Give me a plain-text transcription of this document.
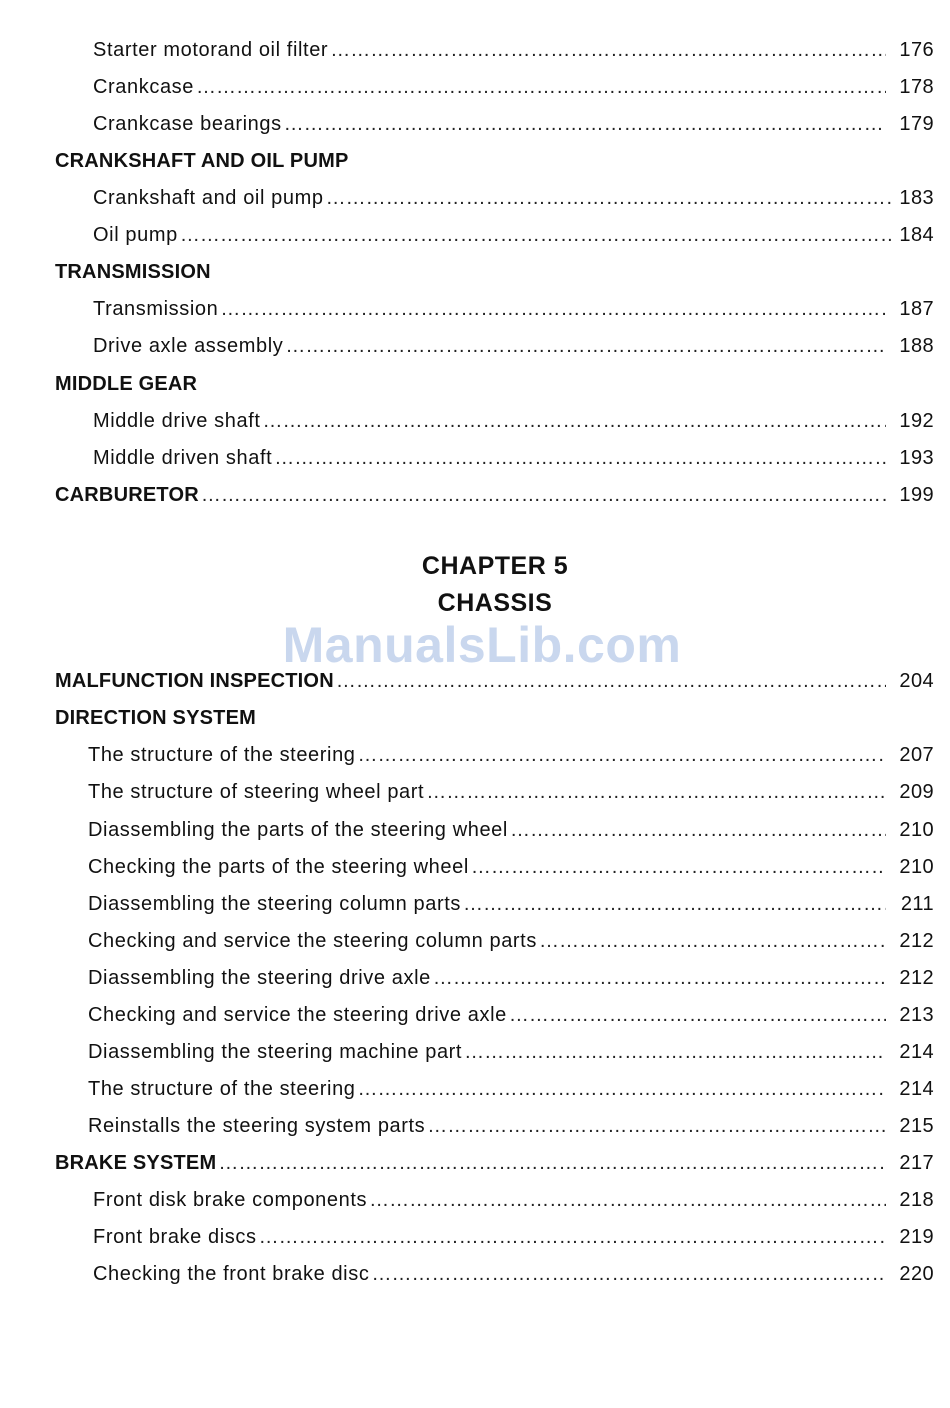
Starter motorand oil filter ………………………………………………………………………………………………………………………………………………………………………………	176
Crankcase ………………………………………………………………………………………………………………………………………………………………………………	178
Crankcase bearings ………………………………………………………………………………………………………………………………………………………………………………	179
CRANKSHAFT AND OIL PUMP
Crankshaft and oil pump ………………………………………………………………………………………………………………………………………………………………………………	183
Oil pump ………………………………………………………………………………………………………………………………………………………………………………	184
TRANSMISSION
Transmission ………………………………………………………………………………………………………………………………………………………………………………	187
Drive axle assembly ………………………………………………………………………………………………………………………………………………………………………………	188
MIDDLE GEAR
Middle drive shaft ………………………………………………………………………………………………………………………………………………………………………………	192
Middle driven shaft ………………………………………………………………………………………………………………………………………………………………………………	193
CARBURETOR ………………………………………………………………………………………………………………………………………………………………………………	199
CHAPTER 5
CHASSIS
ManualsLib.com
MALFUNCTION INSPECTION ………………………………………………………………………………………………………………………………………………………………………………	204
DIRECTION SYSTEM
The structure of the steering ………………………………………………………………………………………………………………………………………………………………………………	207
The structure of steering wheel part ………………………………………………………………………………………………………………………………………………………………………………	209
Diassembling the parts of the steering wheel ………………………………………………………………………………………………………………………………………………………………………………	210
Checking the parts of the steering wheel ………………………………………………………………………………………………………………………………………………………………………………	210
Diassembling the steering column parts ………………………………………………………………………………………………………………………………………………………………………………	211
Checking and service the steering column parts ………………………………………………………………………………………………………………………………………………………………………………	212
Diassembling the steering drive axle ………………………………………………………………………………………………………………………………………………………………………………	212
Checking and service the steering drive axle ………………………………………………………………………………………………………………………………………………………………………………	213
Diassembling the steering machine part ………………………………………………………………………………………………………………………………………………………………………………	214
The structure of the steering ………………………………………………………………………………………………………………………………………………………………………………	214
Reinstalls the steering system parts ………………………………………………………………………………………………………………………………………………………………………………	215
BRAKE SYSTEM ………………………………………………………………………………………………………………………………………………………………………………	217
Front disk brake components ………………………………………………………………………………………………………………………………………………………………………………	218
Front brake discs ………………………………………………………………………………………………………………………………………………………………………………	219
Checking the front brake disc ………………………………………………………………………………………………………………………………………………………………………………	220
